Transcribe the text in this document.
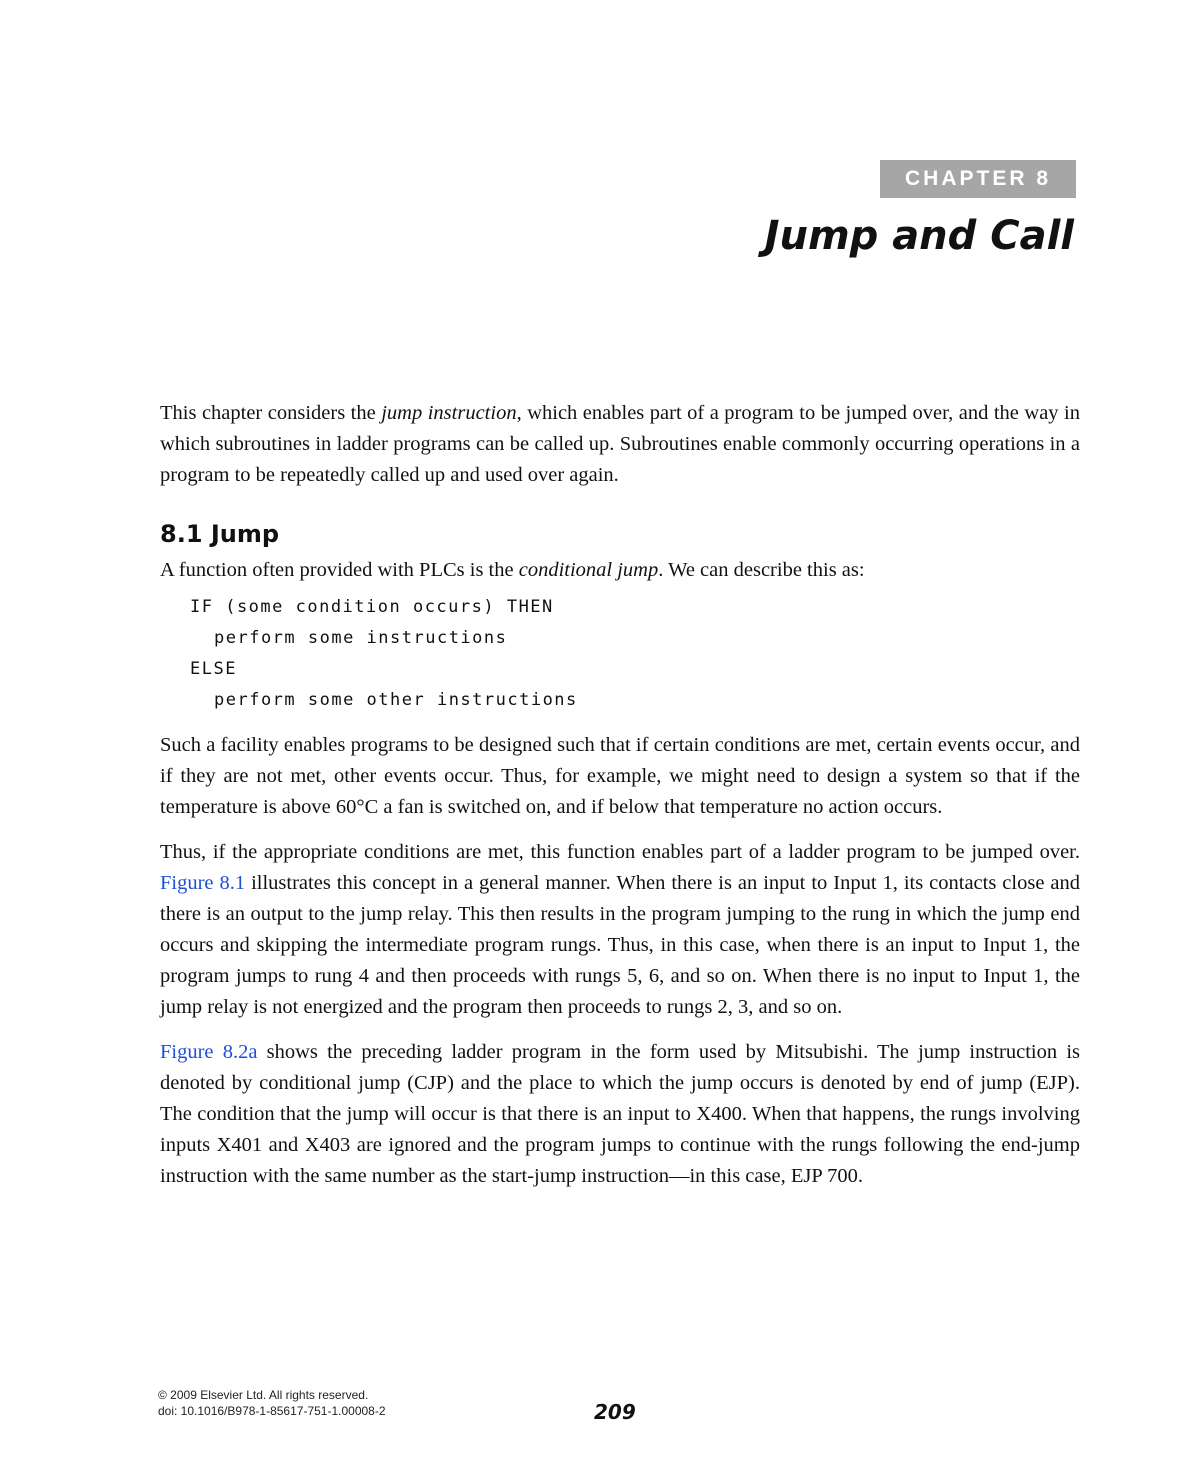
CHAPTER 8
Jump and Call

This chapter considers the jump instruction, which enables part of a program to be jumped over, and the way in which subroutines in ladder programs can be called up. Subroutines enable commonly occurring operations in a program to be repeatedly called up and used over again.

8.1 Jump

A function often provided with PLCs is the conditional jump. We can describe this as:

IF (some condition occurs) THEN
perform some instructions
ELSE
perform some other instructions

Such a facility enables programs to be designed such that if certain conditions are met, certain events occur, and if they are not met, other events occur. Thus, for example, we might need to design a system so that if the temperature is above 60°C a fan is switched on, and if below that temperature no action occurs.

Thus, if the appropriate conditions are met, this function enables part of a ladder program to be jumped over. Figure 8.1 illustrates this concept in a general manner. When there is an input to Input 1, its contacts close and there is an output to the jump relay. This then results in the program jumping to the rung in which the jump end occurs and skipping the intermediate program rungs. Thus, in this case, when there is an input to Input 1, the program jumps to rung 4 and then proceeds with rungs 5, 6, and so on. When there is no input to Input 1, the jump relay is not energized and the program then proceeds to rungs 2, 3, and so on.

Figure 8.2a shows the preceding ladder program in the form used by Mitsubishi. The jump instruction is denoted by conditional jump (CJP) and the place to which the jump occurs is denoted by end of jump (EJP). The condition that the jump will occur is that there is an input to X400. When that happens, the rungs involving inputs X401 and X403 are ignored and the program jumps to continue with the rungs following the end-jump instruction with the same number as the start-jump instruction—in this case, EJP 700.

© 2009 Elsevier Ltd. All rights reserved.
doi: 10.1016/B978-1-85617-751-1.00008-2	209
